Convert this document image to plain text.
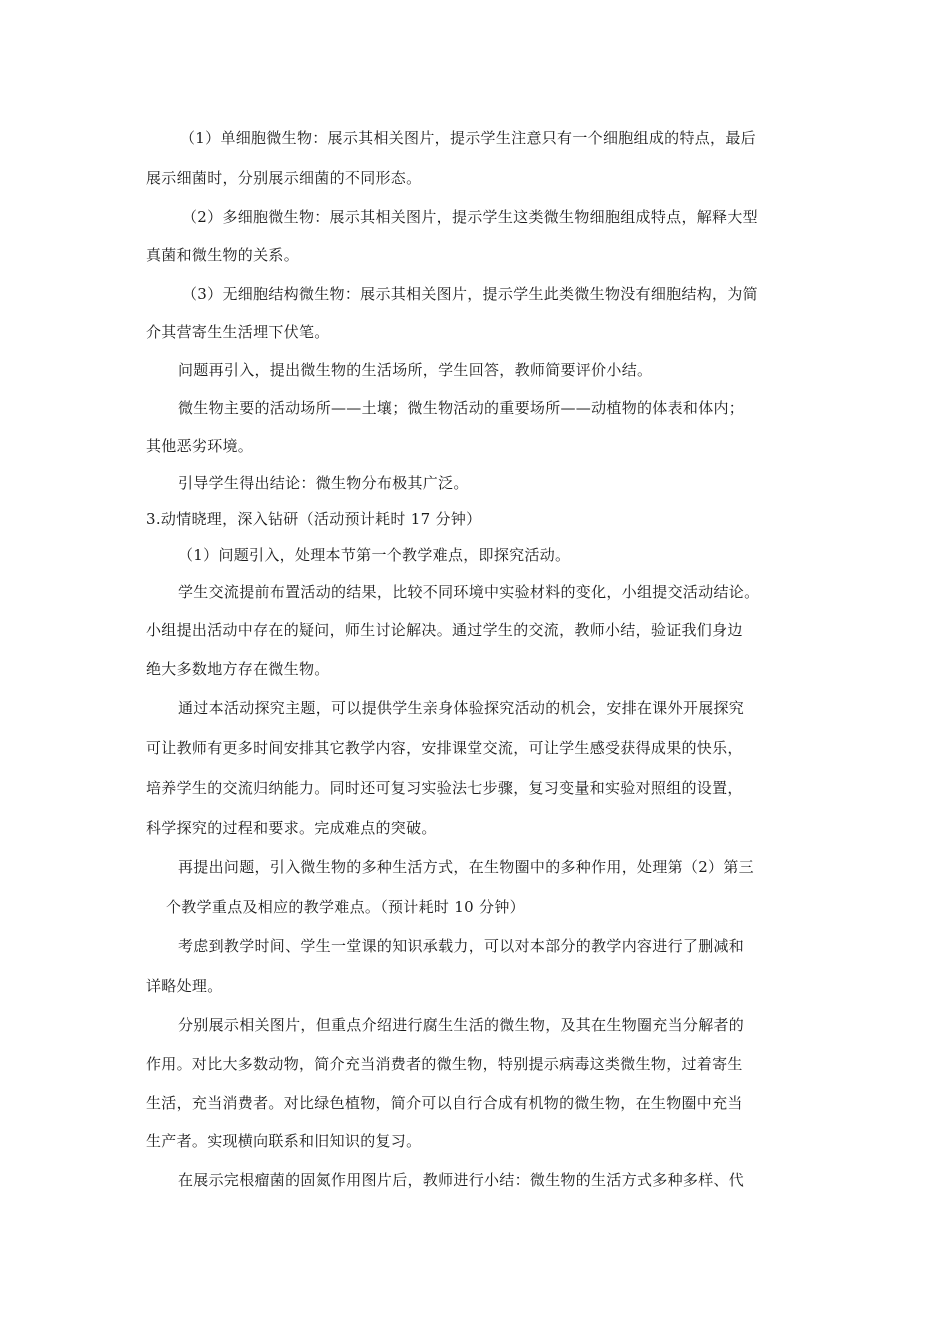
（1）单细胞微生物：展示其相关图片，提示学生注意只有一个细胞组成的特点，最后
展示细菌时，分别展示细菌的不同形态。
（2）多细胞微生物：展示其相关图片，提示学生这类微生物细胞组成特点，解释大型
真菌和微生物的关系。
（3）无细胞结构微生物：展示其相关图片，提示学生此类微生物没有细胞结构，为简
介其营寄生生活埋下伏笔。
问题再引入，提出微生物的生活场所，学生回答，教师简要评价小结。
微生物主要的活动场所——土壤；微生物活动的重要场所——动植物的体表和体内；
其他恶劣环境。
引导学生得出结论：微生物分布极其广泛。
3.动情晓理，深入钻研（活动预计耗时 17 分钟）
（1）问题引入，处理本节第一个教学难点，即探究活动。
学生交流提前布置活动的结果，比较不同环境中实验材料的变化，小组提交活动结论。
小组提出活动中存在的疑问，师生讨论解决。通过学生的交流，教师小结，验证我们身边
绝大多数地方存在微生物。
通过本活动探究主题，可以提供学生亲身体验探究活动的机会，安排在课外开展探究
可让教师有更多时间安排其它教学内容，安排课堂交流，可让学生感受获得成果的快乐，
培养学生的交流归纳能力。同时还可复习实验法七步骤，复习变量和实验对照组的设置，
科学探究的过程和要求。完成难点的突破。
再提出问题，引入微生物的多种生活方式，在生物圈中的多种作用，处理第（2）第三
个教学重点及相应的教学难点。（预计耗时 10 分钟）
考虑到教学时间、学生一堂课的知识承载力，可以对本部分的教学内容进行了删减和
详略处理。
分别展示相关图片，但重点介绍进行腐生生活的微生物，及其在生物圈充当分解者的
作用。对比大多数动物，简介充当消费者的微生物，特别提示病毒这类微生物，过着寄生
生活，充当消费者。对比绿色植物，简介可以自行合成有机物的微生物，在生物圈中充当
生产者。实现横向联系和旧知识的复习。
在展示完根瘤菌的固氮作用图片后，教师进行小结：微生物的生活方式多种多样、代
